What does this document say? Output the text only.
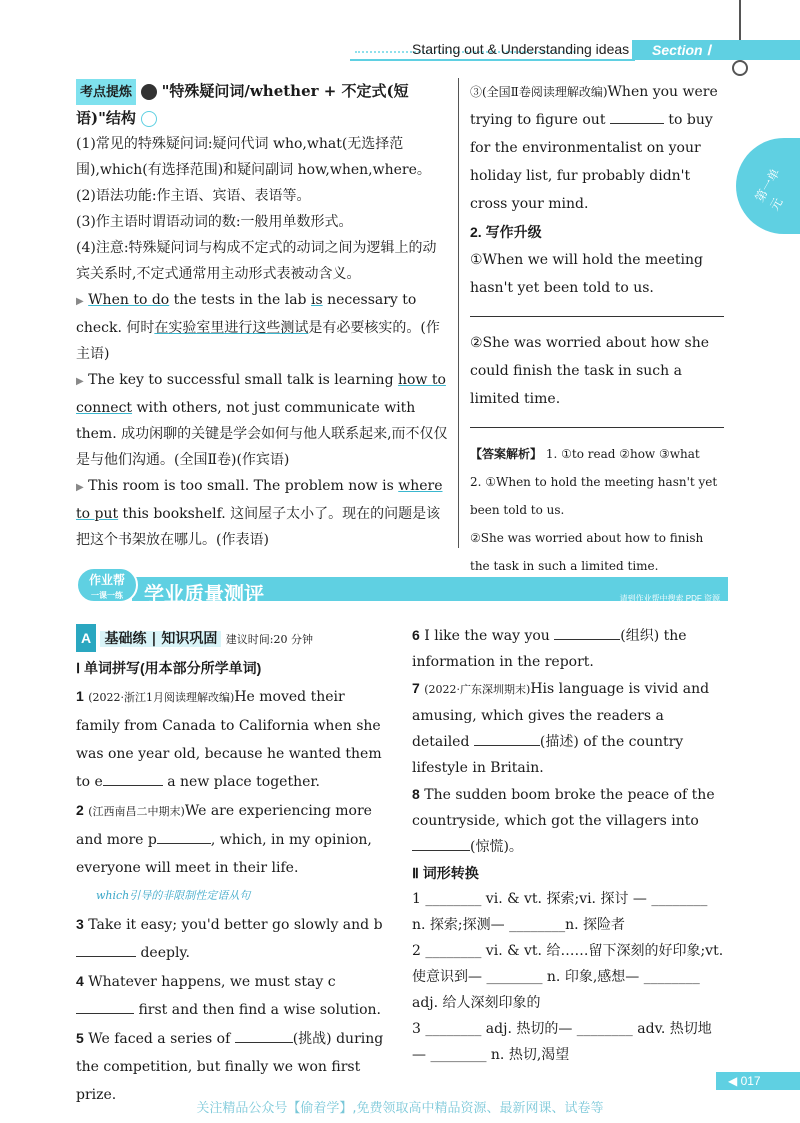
Starting out & Understanding ideas	Section Ⅰ
第一单元

考点提炼 "特殊疑问词/whether + 不定式(短

语)"结构

(1)常见的特殊疑问词:疑问代词 who,what(无选择范围),which(有选择范围)和疑问副词 how,when,where。

(2)语法功能:作主语、宾语、表语等。

(3)作主语时谓语动词的数:一般用单数形式。

(4)注意:特殊疑问词与构成不定式的动词之间为逻辑上的动宾关系时,不定式通常用主动形式表被动含义。

▶ When to do the tests in the lab is necessary to check. 何时在实验室里进行这些测试是有必要核实的。(作主语)

▶ The key to successful small talk is learning how to connect with others, not just communicate with them. 成功闲聊的关键是学会如何与他人联系起来,而不仅仅是与他们沟通。(全国Ⅱ卷)(作宾语)

▶ This room is too small. The problem now is where to put this bookshelf. 这间屋子太小了。现在的问题是该把这个书架放在哪儿。(作表语)

③(全国Ⅱ卷阅读理解改编)When you were trying to figure out	to buy for the environmentalist on your holiday list, fur probably didn't cross your mind.

2. 写作升级

①When we will hold the meeting hasn't yet been told to us.

②She was worried about how she could finish the task in such a limited time.

【答案解析】 1. ①to read ②how ③what

2. ①When to hold the meeting hasn't yet been told to us.

②She was worried about how to finish the task in such a limited time.

学业质量测评	请到作业帮中搜索 PDF 资源
作业帮
一课一练

A 基础练 | 知识巩固 建议时间:20 分钟

Ⅰ 单词拼写(用本部分所学单词)

1 (2022·浙江1月阅读理解改编)He moved their family from Canada to California when she was one year old, because he wanted them to e	a new place together.

2 (江西南昌二中期末)We are experiencing more and more p	, which, in my opinion, everyone will meet in their life.

which引导的非限制性定语从句

3 Take it easy; you'd better go slowly and b deeply.

4 Whatever happens, we must stay c first and then find a wise solution.

5 We faced a series of	(挑战) during the competition, but finally we won first prize.

6 I like the way you	(组织) the information in the report.

7 (2022·广东深圳期末)His language is vivid and amusing, which gives the readers a detailed	(描述) of the country lifestyle in Britain.

8 The sudden boom broke the peace of the countryside, which got the villagers into (惊慌)。

Ⅱ 词形转换

1 ________ vi. & vt. 探索;vi. 探讨 — ________ n. 探索;探测— ________n. 探险者

2 ________ vi. & vt. 给……留下深刻的好印象;vt. 使意识到— ________ n. 印象,感想— ________ adj. 给人深刻印象的

3 ________ adj. 热切的— ________ adv. 热切地— ________ n. 热切,渴望

◀ 017
关注精品公众号【偷着学】,免费领取高中精品资源、最新网课、试卷等
